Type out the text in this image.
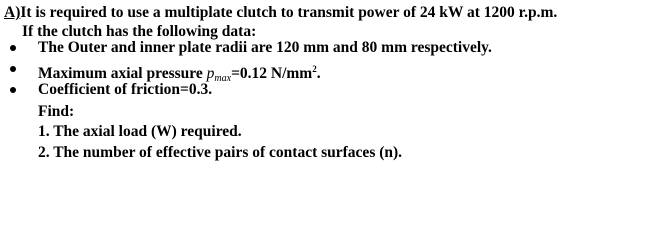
A)It is required to use a multiplate clutch to transmit power of 24 kW at 1200 r.p.m.
If the clutch has the following data:
The Outer and inner plate radii are 120 mm and 80 mm respectively.
Maximum axial pressure $p_{max}=0.12$ $N/mm^2$.
Coefficient of friction=0.3.
Find:
1. The axial load (W) required.
2. The number of effective pairs of contact surfaces (n).
